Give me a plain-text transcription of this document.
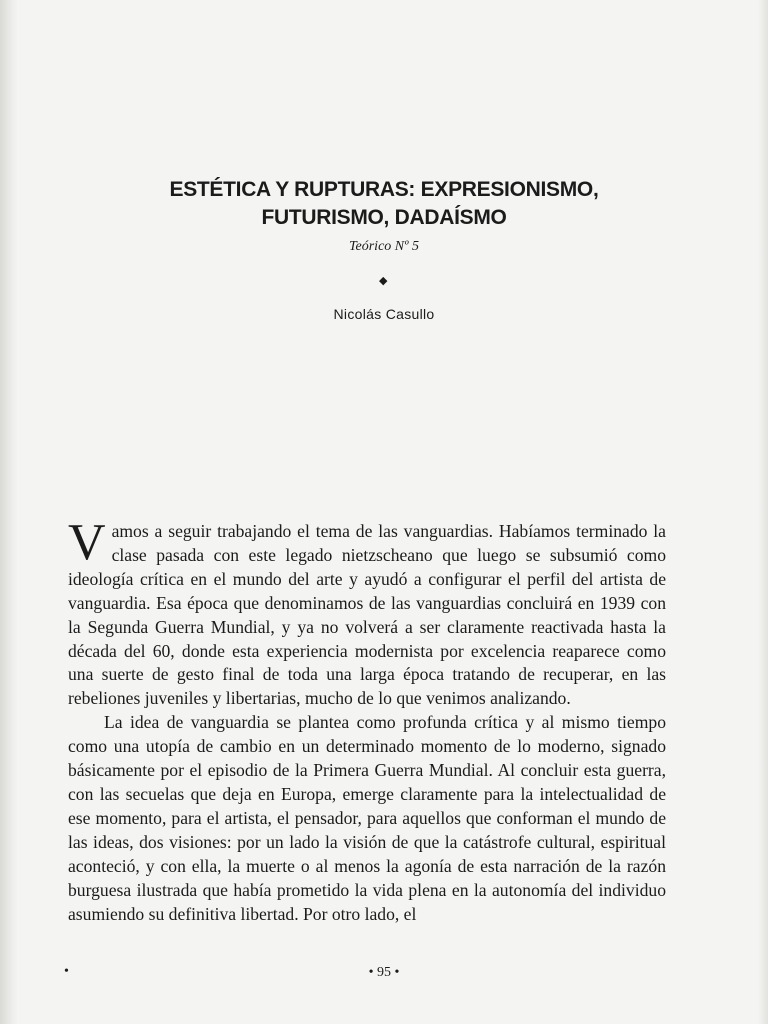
ESTÉTICA Y RUPTURAS: EXPRESIONISMO,
FUTURISMO, DADAÍSMO
Teórico Nº 5
◆
Nicolás Casullo

Vamos a seguir trabajando el tema de las vanguardias. Habíamos terminado la clase pasada con este legado nietzscheano que luego se subsumió como ideología crítica en el mundo del arte y ayudó a configurar el perfil del artista de vanguardia. Esa época que denominamos de las vanguardias concluirá en 1939 con la Segunda Guerra Mundial, y ya no volverá a ser claramente reactivada hasta la década del 60, donde esta experiencia modernista por excelencia reaparece como una suerte de gesto final de toda una larga época tratando de recuperar, en las rebeliones juveniles y libertarias, mucho de lo que venimos analizando.

La idea de vanguardia se plantea como profunda crítica y al mismo tiempo como una utopía de cambio en un determinado momento de lo moderno, signado básicamente por el episodio de la Primera Guerra Mundial. Al concluir esta guerra, con las secuelas que deja en Europa, emerge claramente para la intelectualidad de ese momento, para el artista, el pensador, para aquellos que conforman el mundo de las ideas, dos visiones: por un lado la visión de que la catástrofe cultural, espiritual aconteció, y con ella, la muerte o al menos la agonía de esta narración de la razón burguesa ilustrada que había prometido la vida plena en la autonomía del individuo asumiendo su definitiva libertad. Por otro lado, el

•	• 95 •
